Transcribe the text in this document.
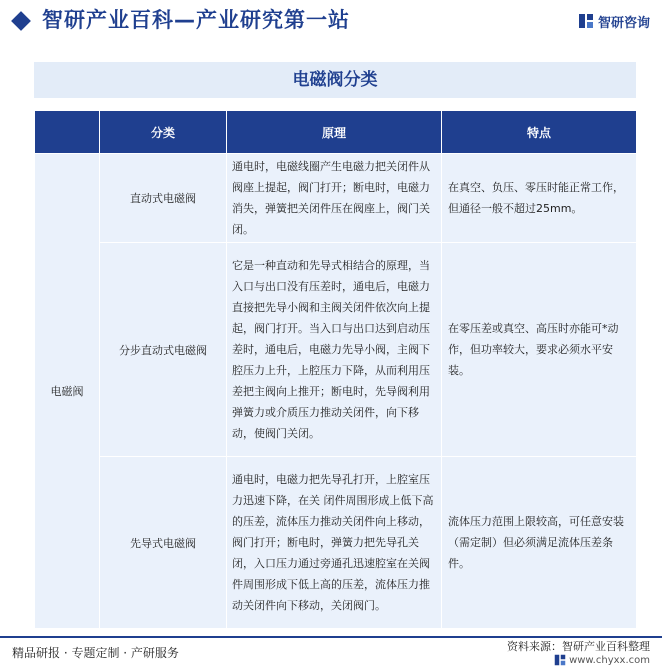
智研产业百科—产业研究第一站	智研咨询
电磁阀分类
	分类	原理	特点
电磁阀	直动式电磁阀	通电时，电磁线圈产生电磁力把关闭件从阀座上提起，阀门打开；断电时，电磁力消失，弹簧把关闭件压在阀座上，阀门关闭。	在真空、负压、零压时能正常工作，但通径一般不超过25mm。
	分步直动式电磁阀	它是一种直动和先导式相结合的原理，当入口与出口没有压差时，通电后，电磁力直接把先导小阀和主阀关闭件依次向上提起，阀门打开。当入口与出口达到启动压差时，通电后，电磁力先导小阀，主阀下腔压力上升，上腔压力下降，从而利用压差把主阀向上推开；断电时，先导阀利用弹簧力或介质压力推动关闭件，向下移动，使阀门关闭。	在零压差或真空、高压时亦能可*动作，但功率较大，要求必须水平安装。
	先导式电磁阀	通电时，电磁力把先导孔打开，上腔室压力迅速下降，在关 闭件周围形成上低下高的压差，流体压力推动关闭件向上移动，阀门打开；断电时，弹簧力把先导孔关闭，入口压力通过旁通孔迅速腔室在关阀件周围形成下低上高的压差，流体压力推动关闭件向下移动，关闭阀门。	流体压力范围上限较高，可任意安装（需定制）但必须满足流体压差条件。
精品研报 · 专题定制 · 产研服务	资料来源：智研产业百科整理
www.chyxx.com
